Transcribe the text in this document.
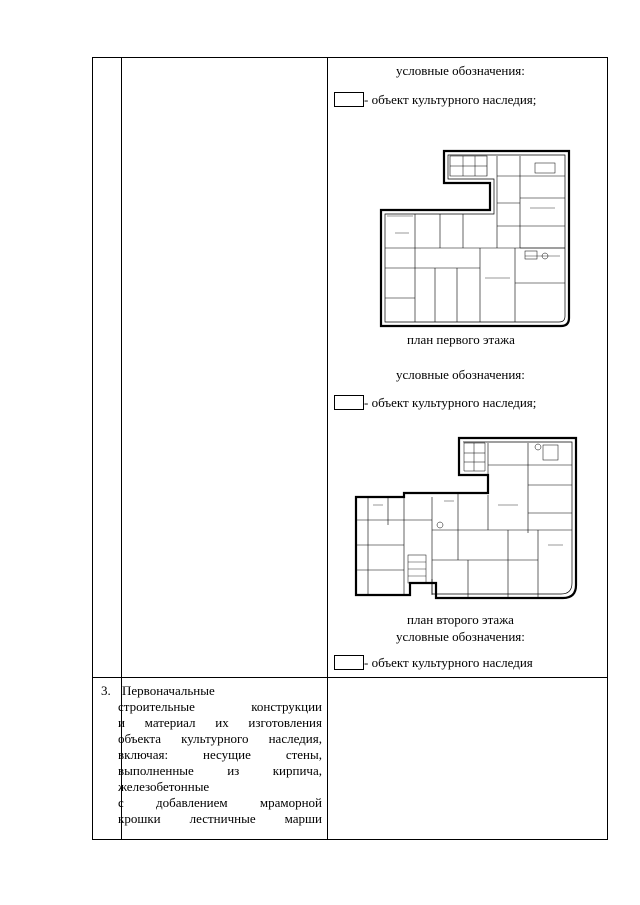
условные обозначения:
- объект культурного наследия;
план первого этажа
условные обозначения:
- объект культурного наследия;
план второго этажа
условные обозначения:
- объект культурного наследия
3. Первоначальные
строительные конструкции
и материал их изготовления
объекта культурного наследия,
включая: несущие стены,
выполненные из кирпича,
железобетонные
с добавлением мраморной
крошки лестничные марши
